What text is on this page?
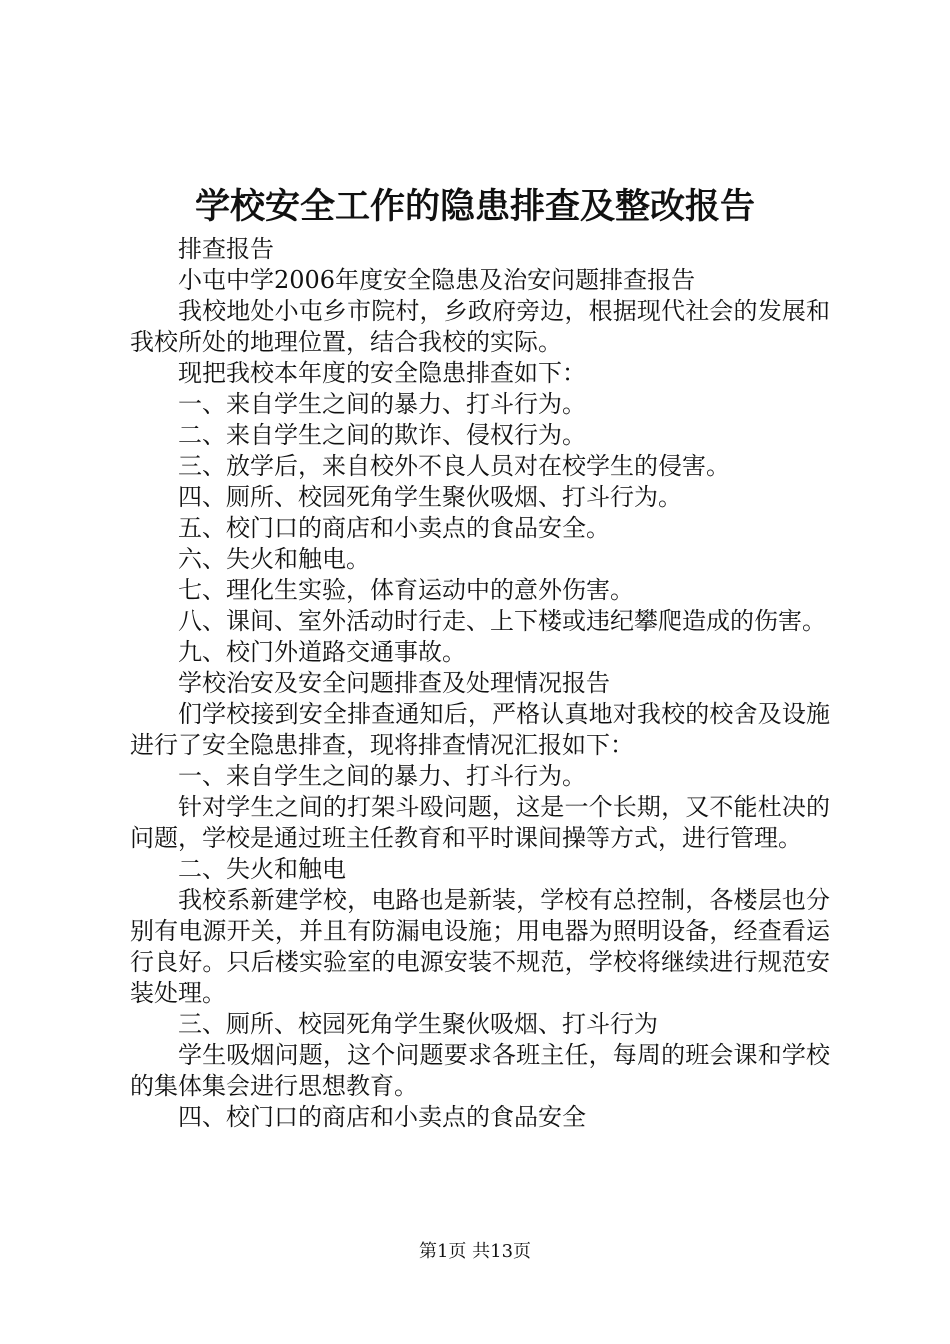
学校安全工作的隐患排查及整改报告

排查报告

小屯中学2006年度安全隐患及治安问题排查报告

我校地处小屯乡市院村，乡政府旁边，根据现代社会的发展和我校所处的地理位置，结合我校的实际。

现把我校本年度的安全隐患排查如下：

一、来自学生之间的暴力、打斗行为。

二、来自学生之间的欺诈、侵权行为。

三、放学后，来自校外不良人员对在校学生的侵害。

四、厕所、校园死角学生聚伙吸烟、打斗行为。

五、校门口的商店和小卖点的食品安全。

六、失火和触电。

七、理化生实验，体育运动中的意外伤害。

八、课间、室外活动时行走、上下楼或违纪攀爬造成的伤害。

九、校门外道路交通事故。

学校治安及安全问题排查及处理情况报告

们学校接到安全排查通知后，严格认真地对我校的校舍及设施进行了安全隐患排查，现将排查情况汇报如下：

一、来自学生之间的暴力、打斗行为。

针对学生之间的打架斗殴问题，这是一个长期，又不能杜决的问题，学校是通过班主任教育和平时课间操等方式，进行管理。

二、失火和触电

我校系新建学校，电路也是新装，学校有总控制，各楼层也分别有电源开关，并且有防漏电设施；用电器为照明设备，经查看运行良好。只后楼实验室的电源安装不规范，学校将继续进行规范安装处理。

三、厕所、校园死角学生聚伙吸烟、打斗行为

学生吸烟问题，这个问题要求各班主任，每周的班会课和学校的集体集会进行思想教育。

四、校门口的商店和小卖点的食品安全

第1页 共13页
